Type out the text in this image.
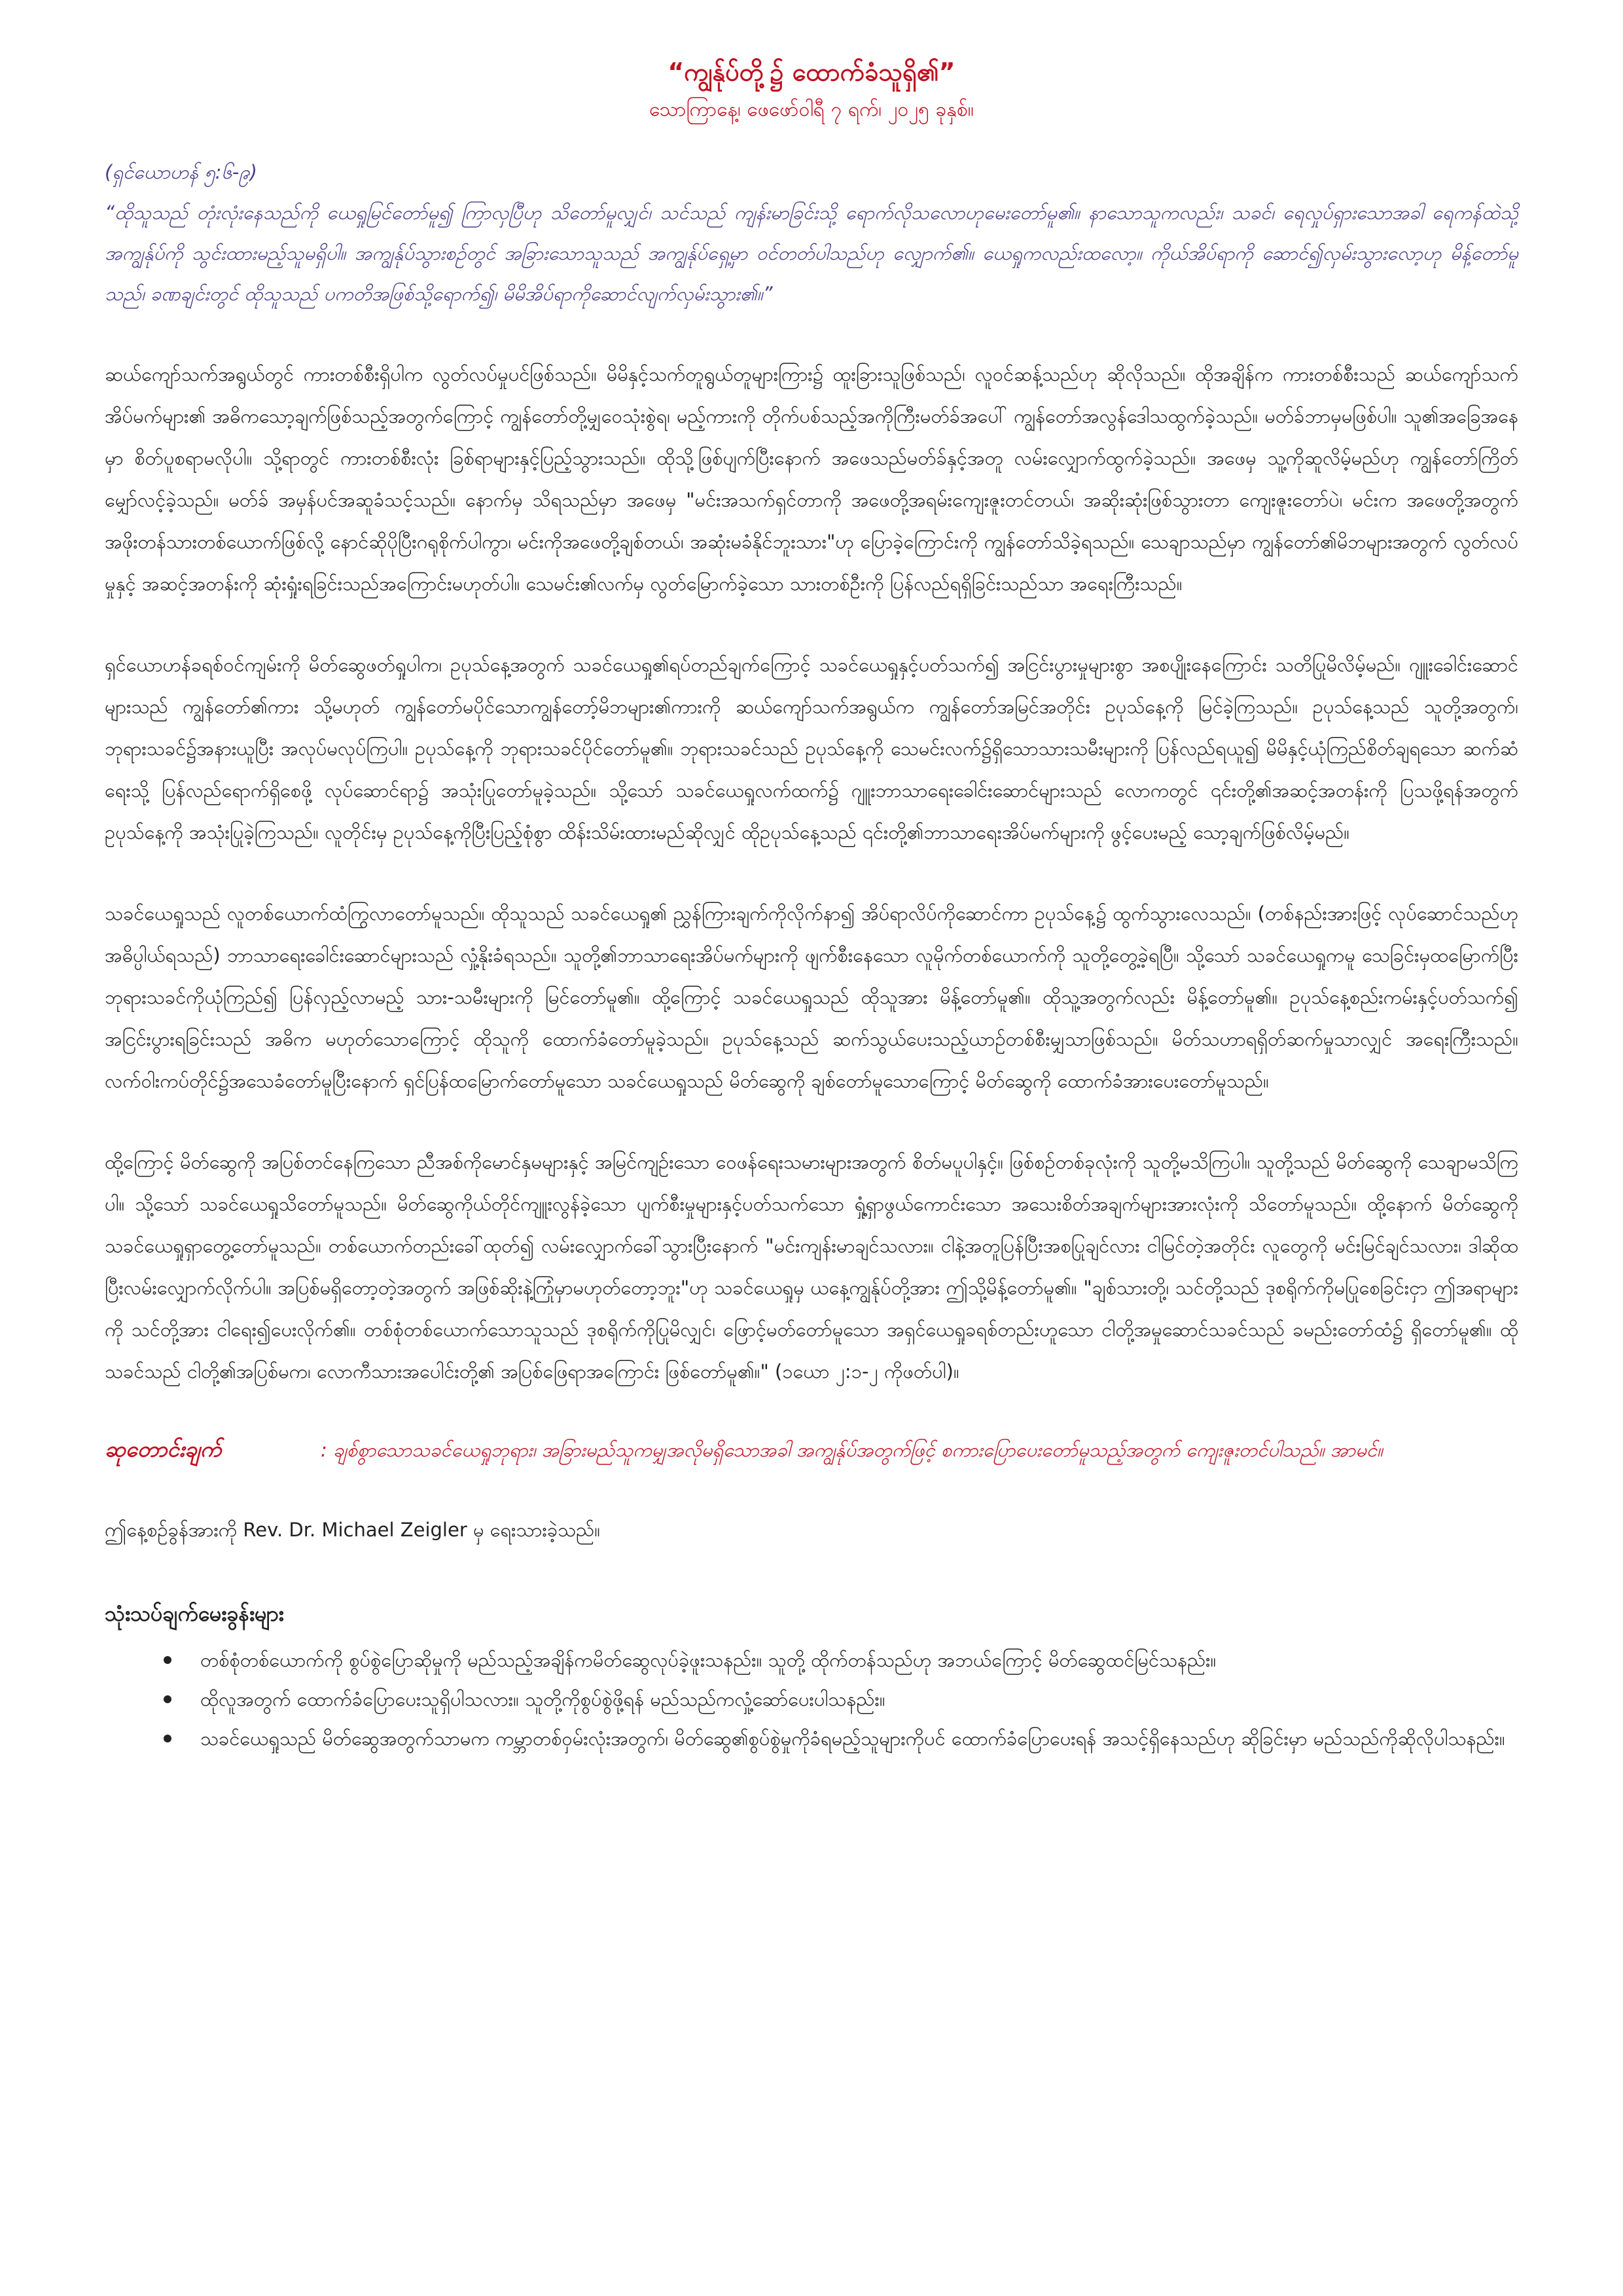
“ကျွန်ုပ်တို့၌ ထောက်ခံသူရှိ၏”

သောကြာနေ့၊ ဖေဖော်ဝါရီ ၇ ရက်၊ ၂၀၂၅ ခုနှစ်။

(ရှင်ယောဟန် ၅:၆-၉)
“ထိုသူသည် တုံးလုံးနေသည်ကို ယေရှုမြင်တော်မူ၍ ကြာလှပြီဟု သိတော်မူလျှင်၊ သင်သည် ကျန်းမာခြင်းသို့ ရောက်လိုသလောဟုမေးတော်မူ၏။ နာသောသူကလည်း၊ သခင်၊ ရေလှုပ်ရှားသောအခါ ရေကန်ထဲသို့ အကျွန်ုပ်ကို သွင်းထားမည့်သူမရှိပါ။ အကျွန်ုပ်သွားစဉ်တွင် အခြားသောသူသည် အကျွန်ုပ်ရှေ့မှာ ဝင်တတ်ပါသည်ဟု လျှောက်၏။ ယေရှုကလည်းထလော့။ ကိုယ်အိပ်ရာကို ဆောင်၍လှမ်းသွားလော့ဟု မိန့်တော်မူသည်၊ ခဏချင်းတွင် ထိုသူသည် ပကတိအဖြစ်သို့ရောက်၍၊ မိမိအိပ်ရာကိုဆောင်လျက်လှမ်းသွား၏။”

ဆယ်ကျော်သက်အရွယ်တွင် ကားတစ်စီးရှိပါက လွတ်လပ်မှုပင်ဖြစ်သည်။ မိမိနှင့်သက်တူရွယ်တူများကြား၌ ထူးခြားသူဖြစ်သည်၊ လူဝင်ဆန့်သည်ဟု ဆိုလိုသည်။ ထိုအချိန်က ကားတစ်စီးသည် ဆယ်ကျော်သက်အိပ်မက်များ၏ အဓိကသော့ချက်ဖြစ်သည့်အတွက်ကြောင့် ကျွန်တော်တို့မျှဝေသုံးစွဲရ၊ မည့်ကားကို တိုက်ပစ်သည့်အကိုကြီးမတ်ခ်အပေါ် ကျွန်တော်အလွန်ဒေါသထွက်ခဲ့သည်။ မတ်ခ်ဘာမှမဖြစ်ပါ။ သူ၏အခြေအနေမှာ စိတ်ပူစရာမလိုပါ။ သို့ရာတွင် ကားတစ်စီးလုံး ခြစ်ရာများနှင့်ပြည့်သွားသည်။ ထိုသို့ဖြစ်ပျက်ပြီးနောက် အဖေသည်မတ်ခ်နှင့်အတူ လမ်းလျှောက်ထွက်ခဲ့သည်။ အဖေမှ သူ့ကိုဆူလိမ့်မည်ဟု ကျွန်တော်ကြိတ်မျှော်လင့်ခဲ့သည်။ မတ်ခ် အမှန်ပင်အဆူခံသင့်သည်။ နောက်မှ သိရသည်မှာ အဖေမှ "မင်းအသက်ရှင်တာကို အဖေတို့အရမ်းကျေးဇူးတင်တယ်၊ အဆိုးဆုံးဖြစ်သွားတာ ကျေးဇူးတော်ပဲ၊ မင်းက အဖေတို့အတွက် အဖိုးတန်သားတစ်ယောက်ဖြစ်လို့ နောင်ဆိုပိုပြီးဂရုစိုက်ပါကွာ၊ မင်းကိုအဖေတို့ချစ်တယ်၊ အဆုံးမခံနိုင်ဘူးသား"ဟု ပြောခဲ့ကြောင်းကို ကျွန်တော်သိခဲ့ရသည်။ သေချာသည်မှာ ကျွန်တော်၏မိဘများအတွက် လွတ်လပ်မှုနှင့် အဆင့်အတန်းကို ဆုံးရှုံးရခြင်းသည်အကြောင်းမဟုတ်ပါ။ သေမင်း၏လက်မှ လွတ်မြောက်ခဲ့သော သားတစ်ဦးကို ပြန်လည်ရရှိခြင်းသည်သာ အရေးကြီးသည်။

ရှင်ယောဟန်ခရစ်ဝင်ကျမ်းကို မိတ်ဆွေဖတ်ရှုပါက၊ ဥပုသ်နေ့အတွက် သခင်ယေရှု၏ရပ်တည်ချက်ကြောင့် သခင်ယေရှုနှင့်ပတ်သက်၍ အငြင်းပွားမှုများစွာ အစပျိုးနေကြောင်း သတိပြုမိလိမ့်မည်။ ဂျူးခေါင်းဆောင်များသည် ကျွန်တော်၏ကား သို့မဟုတ် ကျွန်တော်မပိုင်သောကျွန်တော့်မိဘများ၏ကားကို ဆယ်ကျော်သက်အရွယ်က ကျွန်တော်အမြင်အတိုင်း ဥပုသ်နေ့ကို မြင်ခဲ့ကြသည်။ ဥပုသ်နေ့သည် သူတို့အတွက်၊ ဘုရားသခင်၌အနားယူပြီး အလုပ်မလုပ်ကြပါ။ ဥပုသ်နေ့ကို ဘုရားသခင်ပိုင်တော်မူ၏။ ဘုရားသခင်သည် ဥပုသ်နေ့ကို သေမင်းလက်၌ရှိသောသားသမီးများကို ပြန်လည်ရယူ၍ မိမိနှင့်ယုံကြည်စိတ်ချရသော ဆက်ဆံရေးသို့ ပြန်လည်ရောက်ရှိစေဖို့ လုပ်ဆောင်ရာ၌ အသုံးပြုတော်မူခဲ့သည်။ သို့သော် သခင်ယေရှုလက်ထက်၌ ဂျူးဘာသာရေးခေါင်းဆောင်များသည် လောကတွင် ၎င်းတို့၏အဆင့်အတန်းကို ပြသဖို့ရန်အတွက် ဥပုသ်နေ့ကို အသုံးပြုခဲ့ကြသည်။ လူတိုင်းမှ ဥပုသ်နေ့ကိုပြီးပြည့်စုံစွာ ထိန်းသိမ်းထားမည်ဆိုလျှင် ထိုဥပုသ်နေ့သည် ၎င်းတို့၏ဘာသာရေးအိပ်မက်များကို ဖွင့်ပေးမည့် သော့ချက်ဖြစ်လိမ့်မည်။

သခင်ယေရှုသည် လူတစ်ယောက်ထံကြွလာတော်မူသည်။ ထိုသူသည် သခင်ယေရှု၏ ညွှန်ကြားချက်ကိုလိုက်နာ၍ အိပ်ရာလိပ်ကိုဆောင်ကာ ဥပုသ်နေ့၌ ထွက်သွားလေသည်။ (တစ်နည်းအားဖြင့် လုပ်ဆောင်သည်ဟု အဓိပ္ပါယ်ရသည်) ဘာသာရေးခေါင်းဆောင်များသည် လှုံ့နိုးခံရသည်။ သူတို့၏ဘာသာရေးအိပ်မက်များကို ဖျက်စီးနေသော လူမိုက်တစ်ယောက်ကို သူတို့တွေ့ခဲ့ရပြီ။ သို့သော် သခင်ယေရှုကမူ သေခြင်းမှထမြောက်ပြီး ဘုရားသခင်ကိုယုံကြည်၍ ပြန်လှည့်လာမည့် သား-သမီးများကို မြင်တော်မူ၏။ ထို့ကြောင့် သခင်ယေရှုသည် ထိုသူအား မိန့်တော်မူ၏။ ထိုသူ့အတွက်လည်း မိန့်တော်မူ၏။ ဥပုသ်နေ့စည်းကမ်းနှင့်ပတ်သက်၍ အငြင်းပွားရခြင်းသည် အဓိက မဟုတ်သောကြောင့် ထိုသူကို ထောက်ခံတော်မူခဲ့သည်။ ဥပုသ်နေ့သည် ဆက်သွယ်ပေးသည့်ယာဉ်တစ်စီးမျှသာဖြစ်သည်။ မိတ်သဟာရရှိတ်ဆက်မှုသာလျှင် အရေးကြီးသည်။ လက်ဝါးကပ်တိုင်၌အသေခံတော်မူပြီးနောက် ရှင်ပြန်ထမြောက်တော်မူသော သခင်ယေရှုသည် မိတ်ဆွေကို ချစ်တော်မူသောကြောင့် မိတ်ဆွေကို ထောက်ခံအားပေးတော်မူသည်။

ထို့ကြောင့် မိတ်ဆွေကို အပြစ်တင်နေကြသော ညီအစ်ကိုမောင်နှမများနှင့် အမြင်ကျဉ်းသော ဝေဖန်ရေးသမားများအတွက် စိတ်မပူပါနှင့်။ ဖြစ်စဉ်တစ်ခုလုံးကို သူတို့မသိကြပါ။ သူတို့သည် မိတ်ဆွေကို သေချာမသိကြပါ။ သို့သော် သခင်ယေရှုသိတော်မူသည်။ မိတ်ဆွေကိုယ်တိုင်ကျူးလွန်ခဲ့သော ပျက်စီးမှုများနှင့်ပတ်သက်သော ရှုံ့ရှာဖွယ်ကောင်းသော အသေးစိတ်အချက်များအားလုံးကို သိတော်မူသည်။ ထို့နောက် မိတ်ဆွေကို သခင်ယေရှုရှာတွေ့တော်မူသည်။ တစ်ယောက်တည်းခေါ်ထုတ်၍ လမ်းလျှောက်ခေါ်သွားပြီးနောက် "မင်းကျန်းမာချင်သလား။ ငါနဲ့အတူပြန်ပြီးအစပြုချင်လား ငါမြင်တဲ့အတိုင်း လူတွေကို မင်းမြင်ချင်သလား၊ ဒါဆိုထပြီးလမ်းလျှောက်လိုက်ပါ။ အပြစ်မရှိတော့တဲ့အတွက် အဖြစ်ဆိုးနဲ့ကြုံမှာမဟုတ်တော့ဘူး"ဟု သခင်ယေရှုမှ ယနေ့ကျွန်ုပ်တို့အား ဤသို့မိန့်တော်မူ၏။ "ချစ်သားတို့၊ သင်တို့သည် ဒုစရိုက်ကိုမပြုစေခြင်းငှာ ဤအရာများကို သင်တို့အား ငါရေး၍ပေးလိုက်၏။ တစ်စုံတစ်ယောက်သောသူသည် ဒုစရိုက်ကိုပြုမိလျှင်၊ ဖြောင့်မတ်တော်မူသော အရှင်ယေရှုခရစ်တည်းဟူသော ငါတို့အမှုဆောင်သခင်သည် ခမည်းတော်ထံ၌ ရှိတော်မူ၏။ ထိုသခင်သည် ငါတို့၏အပြစ်မက၊ လောကီသားအပေါင်းတို့၏ အပြစ်ဖြေရာအကြောင်း ဖြစ်တော်မူ၏။" (၁ယော ၂:၁-၂ ကိုဖတ်ပါ)။

ဆုတောင်းချက်	: ချစ်စွာသောသခင်ယေရှုဘုရား၊ အခြားမည်သူကမျှအလိုမရှိသောအခါ အကျွန်ုပ်အတွက်ဖြင့် စကားပြောပေးတော်မူသည့်အတွက် ကျေးဇူးတင်ပါသည်။ အာမင်။

ဤနေ့စဉ်ခွန်အားကို Rev. Dr. Michael Zeigler မှ ရေးသားခဲ့သည်။

သုံးသပ်ချက်မေးခွန်းများ
တစ်စုံတစ်ယောက်ကို စွပ်စွဲပြောဆိုမှုကို မည်သည့်အချိန်ကမိတ်ဆွေလုပ်ခဲ့ဖူးသနည်း။ သူတို့ ထိုက်တန်သည်ဟု အဘယ်ကြောင့် မိတ်ဆွေထင်မြင်သနည်း။
ထိုလူအတွက် ထောက်ခံပြောပေးသူရှိပါသလား။ သူတို့ကိုစွပ်စွဲဖို့ရန် မည်သည်ကလှုံ့ဆော်ပေးပါသနည်း။
သခင်ယေရှုသည် မိတ်ဆွေအတွက်သာမက ကမ္ဘာတစ်ဝှမ်းလုံးအတွက်၊ မိတ်ဆွေ၏စွပ်စွဲမှုကိုခံရမည့်သူများကိုပင် ထောက်ခံပြောပေးရန် အသင့်ရှိနေသည်ဟု ဆိုခြင်းမှာ မည်သည်ကိုဆိုလိုပါသနည်း။
